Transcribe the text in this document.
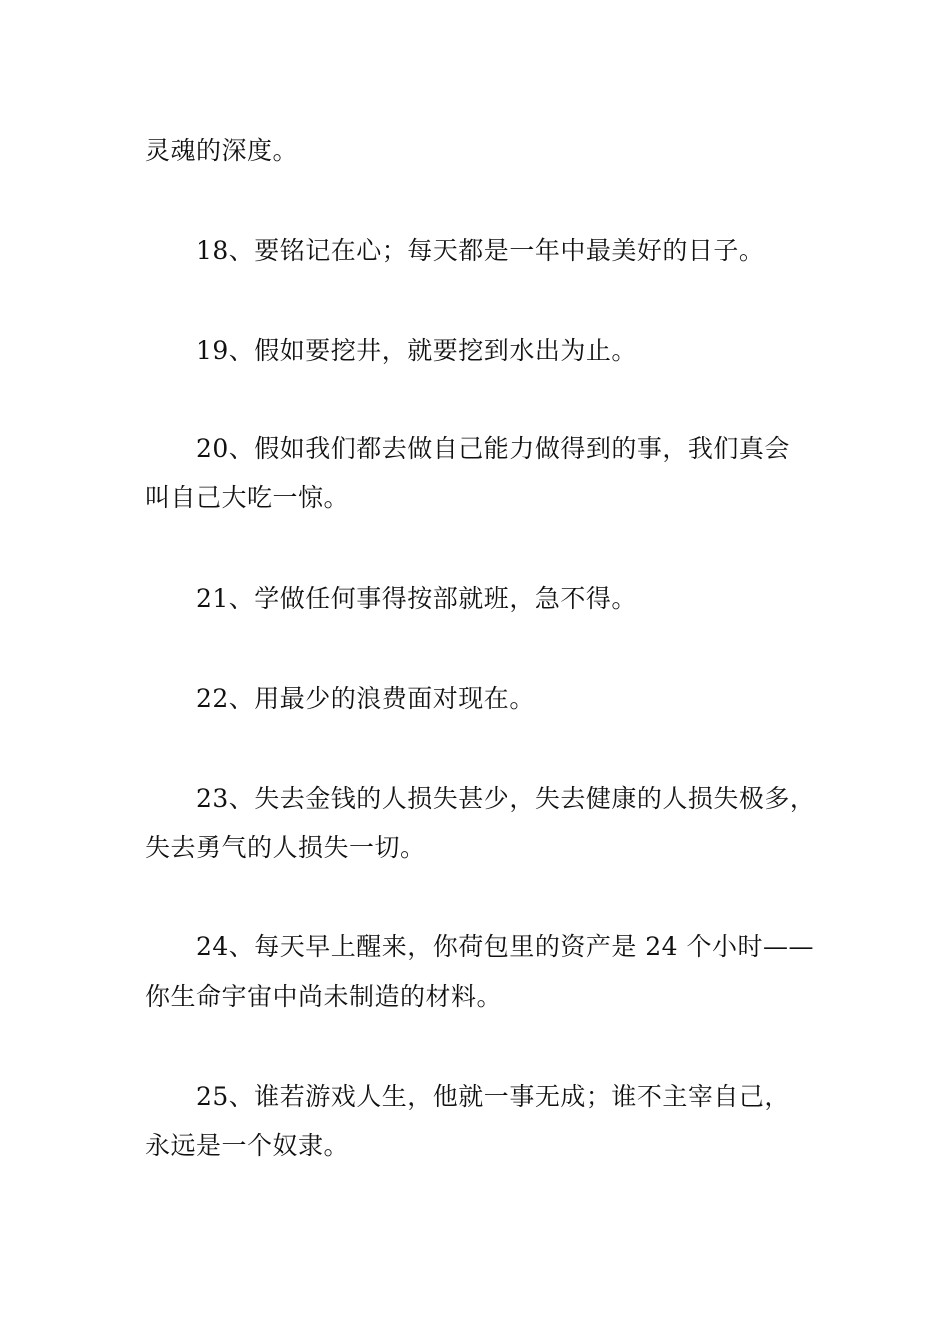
灵魂的深度。
18、要铭记在心；每天都是一年中最美好的日子。
19、假如要挖井，就要挖到水出为止。
20、假如我们都去做自己能力做得到的事，我们真会
叫自己大吃一惊。
21、学做任何事得按部就班，急不得。
22、用最少的浪费面对现在。
23、失去金钱的人损失甚少，失去健康的人损失极多，
失去勇气的人损失一切。
24、每天早上醒来，你荷包里的资产是 24 个小时——
你生命宇宙中尚未制造的材料。
25、谁若游戏人生，他就一事无成；谁不主宰自己，
永远是一个奴隶。
